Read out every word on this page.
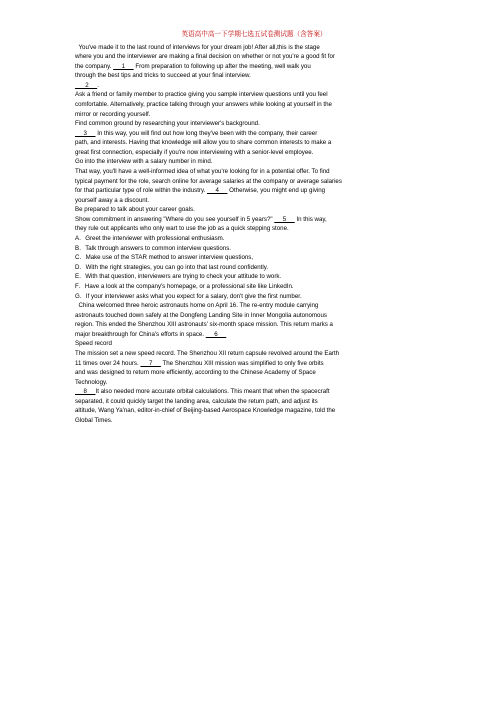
英语高中高一下学期七选五试卷测试题（含答案）
You've made it to the last round of interviews for your dream job! After all,this is the stage
where you and the interviewer are making a final decision on whether or not you're a good fit for
the company.      1      From preparation to following up after the meeting, well walk you
through the best tips and tricks to succeed at your final interview.
2     .
Ask a friend or family member to practice giving you sample interview questions until you feel
comfortable. Alternatively, practice talking through your answers while looking at yourself in the
mirror or recording yourself.
Find common ground by researching your interviewer's background.
3      In this way, you will find out how long they've been with the company, their career
path, and interests. Having that knowledge will allow you to share common interests to make a
great first connection, especially if you're now interviewing with a senior-level employee.
Go into the interview with a salary number in mind.
That way, you'll have a well-informed idea of what you're looking for in a potential offer. To find
typical payment for the role, search online for average salaries at the company or average salaries
for that particular type of role within the industry.      4      Otherwise, you might end up giving
yourself away a a discount.
Be prepared to talk about your career goals.
Show commitment in answering "Where do you see yourself in 5 years?"      5      In this way,
they rule out applicants who only wart to use the job as a quick stepping stone.
A．Greet the interviewer with professional enthusiasm.
B．Talk through answers to common interview questions.
C．Make use of the STAR method to answer interview questions,
D．With the right strategies, you can go into that last round confidently.
E．With that question, interviewers are trying to check your attitude to work.
F．Have a look at the company's homepage, or a professional site like LinkedIn.
G．If your interviewer asks what you expect for a salary, don't give the first number.
China welcomed three heroic astronauts home on April 16. The re-entry module carrying
astronauts touched down safely at the Dongfeng Landing Site in Inner Mongolia autonomous
region. This ended the Shenzhou XIII astronauts' six-month space mission. This return marks a
major breakthrough for China's efforts in space.      6
Speed record
The mission set a new speed record. The Shenzhou XII return capsule revolved around the Earth
11 times over 24 hours.      7      The Shenzhou XIII mission was simplified to only five orbits
and was designed to return more efficiently, according to the Chinese Academy of Space
Technology.
8     It also needed more accurate orbital calculations. This meant that when the spacecraft
separated, it could quickly target the landing area, calculate the return path, and adjust its
altitude, Wang Ya'nan, editor-in-chief of Beijing-based Aerospace Knowledge magazine, told the
Global Times.
